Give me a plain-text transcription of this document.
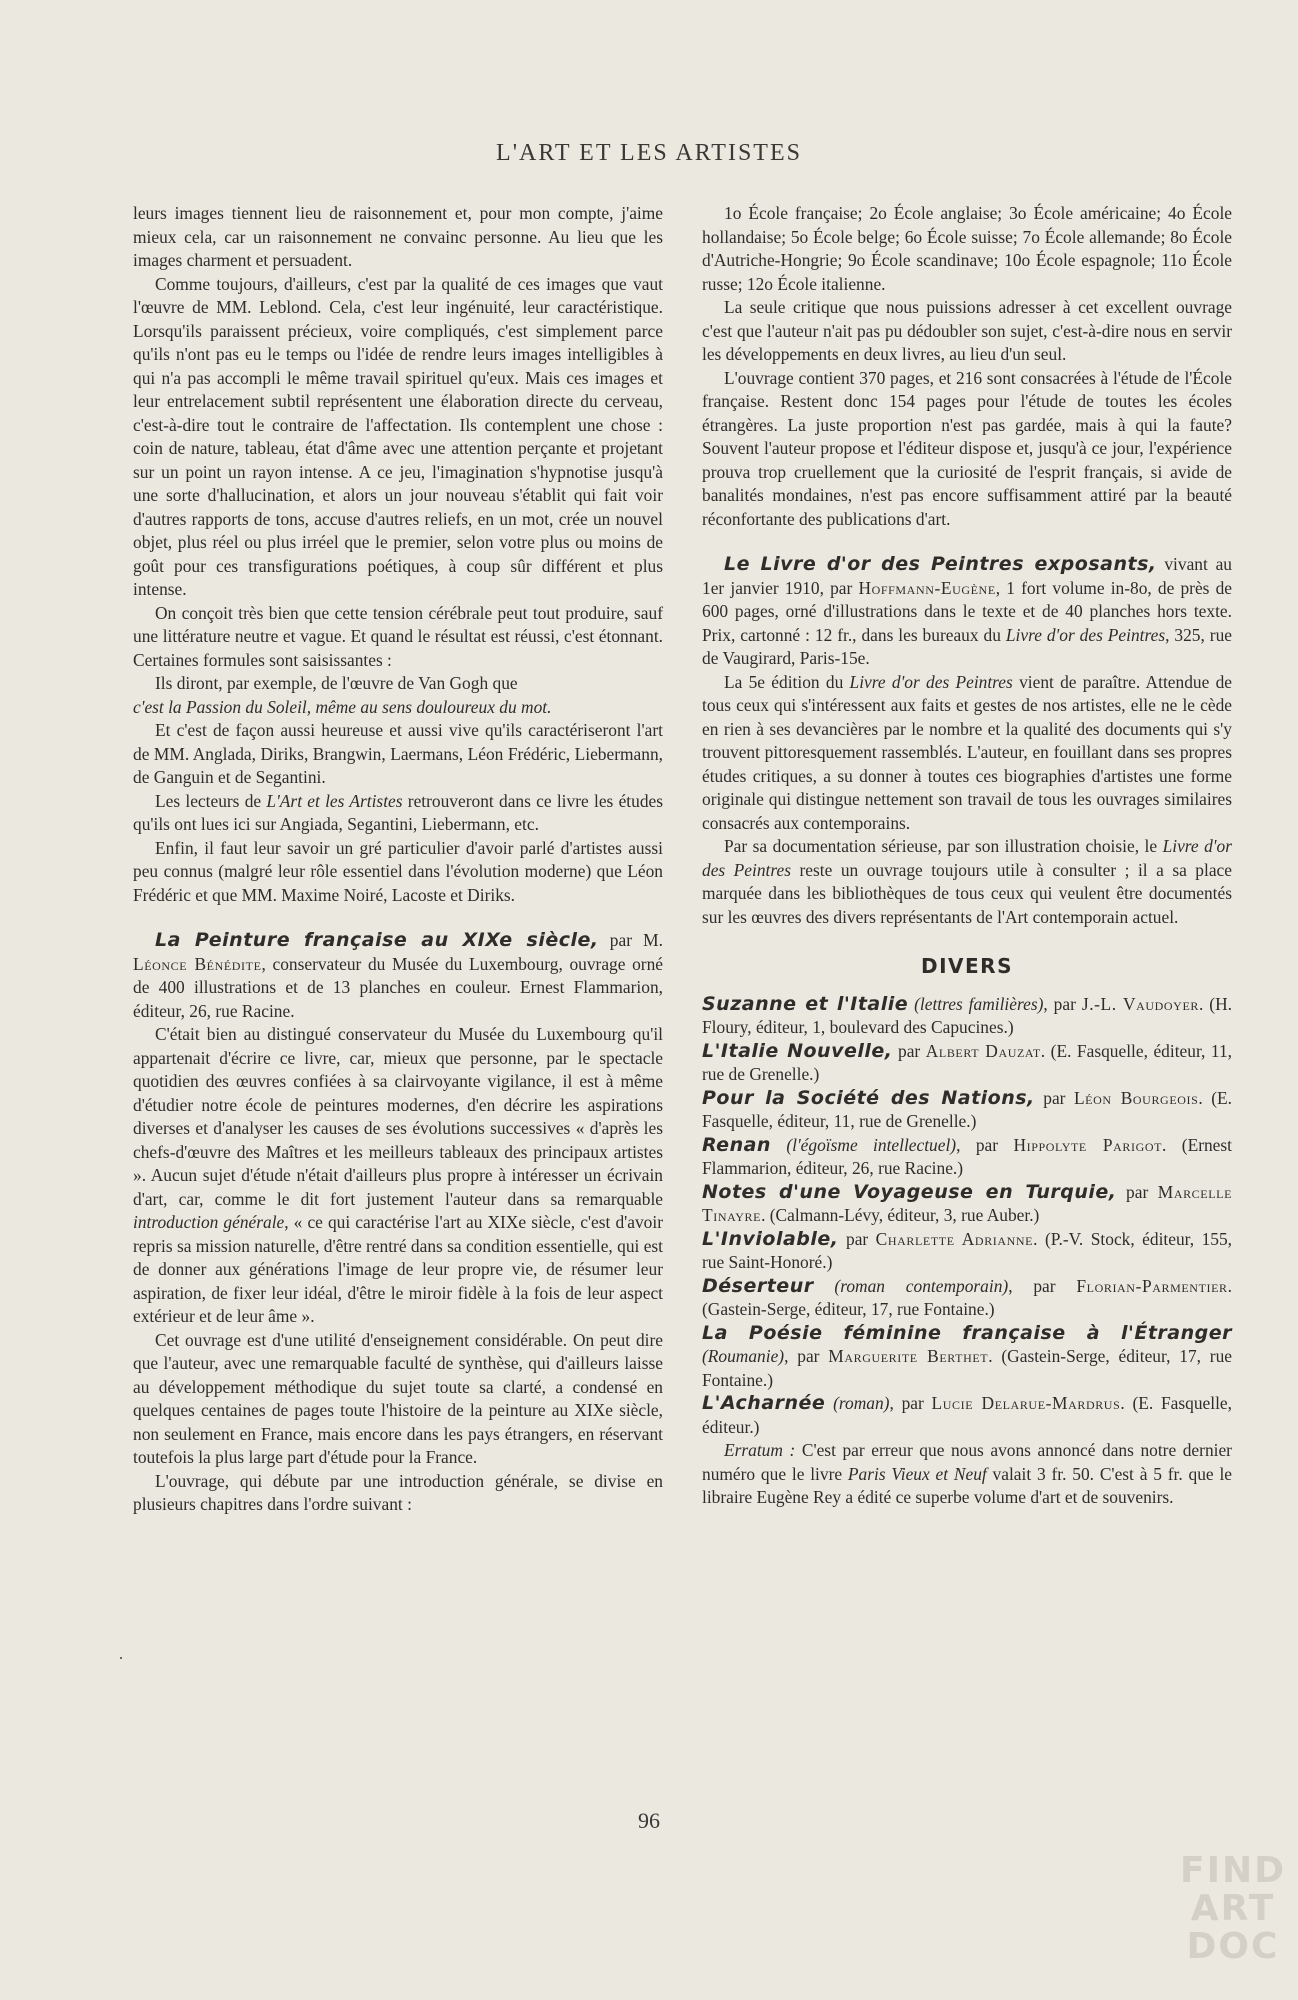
L'ART ET LES ARTISTES

leurs images tiennent lieu de raisonnement et, pour mon compte, j'aime mieux cela, car un raisonnement ne convainc personne. Au lieu que les images charment et persuadent.

Comme toujours, d'ailleurs, c'est par la qualité de ces images que vaut l'œuvre de MM. Leblond. Cela, c'est leur ingénuité, leur caractéristique. Lorsqu'ils paraissent précieux, voire compliqués, c'est simplement parce qu'ils n'ont pas eu le temps ou l'idée de rendre leurs images intelligibles à qui n'a pas accompli le même travail spirituel qu'eux. Mais ces images et leur entrelacement subtil représentent une élaboration directe du cerveau, c'est-à-dire tout le contraire de l'affectation. Ils contemplent une chose : coin de nature, tableau, état d'âme avec une attention perçante et projetant sur un point un rayon intense. A ce jeu, l'imagination s'hypnotise jusqu'à une sorte d'hallucination, et alors un jour nouveau s'établit qui fait voir d'autres rapports de tons, accuse d'autres reliefs, en un mot, crée un nouvel objet, plus réel ou plus irréel que le premier, selon votre plus ou moins de goût pour ces transfigurations poétiques, à coup sûr différent et plus intense.

On conçoit très bien que cette tension cérébrale peut tout produire, sauf une littérature neutre et vague. Et quand le résultat est réussi, c'est étonnant. Certaines formules sont saisissantes :

Ils diront, par exemple, de l'œuvre de Van Gogh que

c'est la Passion du Soleil, même au sens douloureux du mot.

Et c'est de façon aussi heureuse et aussi vive qu'ils caractériseront l'art de MM. Anglada, Diriks, Brangwin, Laermans, Léon Frédéric, Liebermann, de Ganguin et de Segantini.

Les lecteurs de L'Art et les Artistes retrouveront dans ce livre les études qu'ils ont lues ici sur Angiada, Segantini, Liebermann, etc.

Enfin, il faut leur savoir un gré particulier d'avoir parlé d'artistes aussi peu connus (malgré leur rôle essentiel dans l'évolution moderne) que Léon Frédéric et que MM. Maxime Noiré, Lacoste et Diriks.

La Peinture française au XIXe siècle, par M. Léonce Bénédite, conservateur du Musée du Luxembourg, ouvrage orné de 400 illustrations et de 13 planches en couleur. Ernest Flammarion, éditeur, 26, rue Racine.

C'était bien au distingué conservateur du Musée du Luxembourg qu'il appartenait d'écrire ce livre, car, mieux que personne, par le spectacle quotidien des œuvres confiées à sa clairvoyante vigilance, il est à même d'étudier notre école de peintures modernes, d'en décrire les aspirations diverses et d'analyser les causes de ses évolutions successives « d'après les chefs-d'œuvre des Maîtres et les meilleurs tableaux des principaux artistes ». Aucun sujet d'étude n'était d'ailleurs plus propre à intéresser un écrivain d'art, car, comme le dit fort justement l'auteur dans sa remarquable introduction générale, « ce qui caractérise l'art au XIXe siècle, c'est d'avoir repris sa mission naturelle, d'être rentré dans sa condition essentielle, qui est de donner aux générations l'image de leur propre vie, de résumer leur aspiration, de fixer leur idéal, d'être le miroir fidèle à la fois de leur aspect extérieur et de leur âme ».

Cet ouvrage est d'une utilité d'enseignement considérable. On peut dire que l'auteur, avec une remarquable faculté de synthèse, qui d'ailleurs laisse au développement méthodique du sujet toute sa clarté, a condensé en quelques centaines de pages toute l'histoire de la peinture au XIXe siècle, non seulement en France, mais encore dans les pays étrangers, en réservant toutefois la plus large part d'étude pour la France.

L'ouvrage, qui débute par une introduction générale, se divise en plusieurs chapitres dans l'ordre suivant :

1o École française; 2o École anglaise; 3o École américaine; 4o École hollandaise; 5o École belge; 6o École suisse; 7o École allemande; 8o École d'Autriche-Hongrie; 9o École scandinave; 10o École espagnole; 11o École russe; 12o École italienne.

La seule critique que nous puissions adresser à cet excellent ouvrage c'est que l'auteur n'ait pas pu dédoubler son sujet, c'est-à-dire nous en servir les développements en deux livres, au lieu d'un seul.

L'ouvrage contient 370 pages, et 216 sont consacrées à l'étude de l'École française. Restent donc 154 pages pour l'étude de toutes les écoles étrangères. La juste proportion n'est pas gardée, mais à qui la faute? Souvent l'auteur propose et l'éditeur dispose et, jusqu'à ce jour, l'expérience prouva trop cruellement que la curiosité de l'esprit français, si avide de banalités mondaines, n'est pas encore suffisamment attiré par la beauté réconfortante des publications d'art.

Le Livre d'or des Peintres exposants, vivant au 1er janvier 1910, par Hoffmann-Eugène, 1 fort volume in-8o, de près de 600 pages, orné d'illustrations dans le texte et de 40 planches hors texte. Prix, cartonné : 12 fr., dans les bureaux du Livre d'or des Peintres, 325, rue de Vaugirard, Paris-15e.

La 5e édition du Livre d'or des Peintres vient de paraître. Attendue de tous ceux qui s'intéressent aux faits et gestes de nos artistes, elle ne le cède en rien à ses devancières par le nombre et la qualité des documents qui s'y trouvent pittoresquement rassemblés. L'auteur, en fouillant dans ses propres études critiques, a su donner à toutes ces biographies d'artistes une forme originale qui distingue nettement son travail de tous les ouvrages similaires consacrés aux contemporains.

Par sa documentation sérieuse, par son illustration choisie, le Livre d'or des Peintres reste un ouvrage toujours utile à consulter ; il a sa place marquée dans les bibliothèques de tous ceux qui veulent être documentés sur les œuvres des divers représentants de l'Art contemporain actuel.

DIVERS

Suzanne et l'Italie (lettres familières), par J.-L. Vaudoyer. (H. Floury, éditeur, 1, boulevard des Capucines.)

L'Italie Nouvelle, par Albert Dauzat. (E. Fasquelle, éditeur, 11, rue de Grenelle.)

Pour la Société des Nations, par Léon Bourgeois. (E. Fasquelle, éditeur, 11, rue de Grenelle.)

Renan (l'égoïsme intellectuel), par Hippolyte Parigot. (Ernest Flammarion, éditeur, 26, rue Racine.)

Notes d'une Voyageuse en Turquie, par Marcelle Tinayre. (Calmann-Lévy, éditeur, 3, rue Auber.)

L'Inviolable, par Charlette Adrianne. (P.-V. Stock, éditeur, 155, rue Saint-Honoré.)

Déserteur (roman contemporain), par Florian-Parmentier. (Gastein-Serge, éditeur, 17, rue Fontaine.)

La Poésie féminine française à l'Étranger (Roumanie), par Marguerite Berthet. (Gastein-Serge, éditeur, 17, rue Fontaine.)

L'Acharnée (roman), par Lucie Delarue-Mardrus. (E. Fasquelle, éditeur.)

Erratum : C'est par erreur que nous avons annoncé dans notre dernier numéro que le livre Paris Vieux et Neuf valait 3 fr. 50. C'est à 5 fr. que le libraire Eugène Rey a édité ce superbe volume d'art et de souvenirs.

·
96
FIND
ART
DOC
